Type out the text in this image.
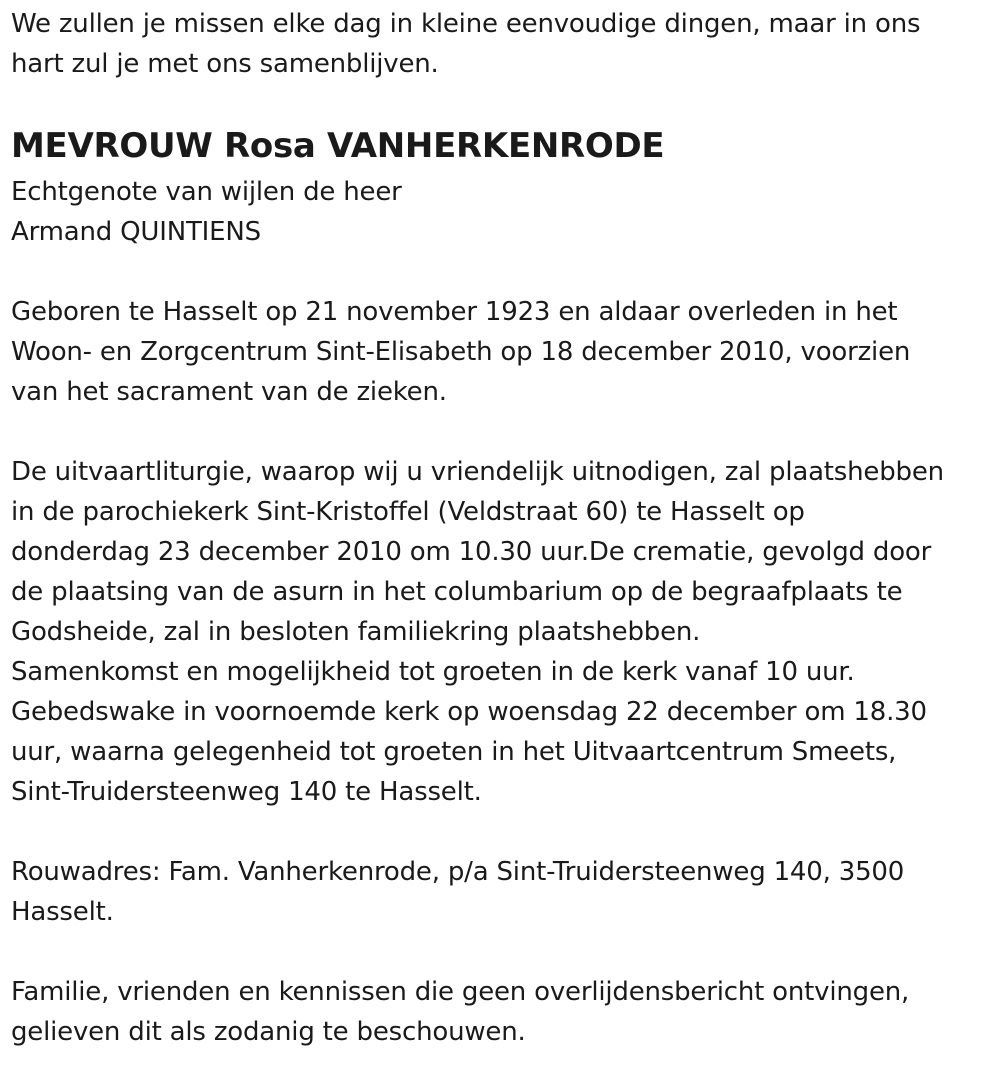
We zullen je missen elke dag in kleine eenvoudige dingen, maar in ons
hart zul je met ons samenblijven.
MEVROUW Rosa VANHERKENRODE
Echtgenote van wijlen de heer
Armand QUINTIENS
Geboren te Hasselt op 21 november 1923 en aldaar overleden in het
Woon- en Zorgcentrum Sint-Elisabeth op 18 december 2010, voorzien
van het sacrament van de zieken.
De uitvaartliturgie, waarop wij u vriendelijk uitnodigen, zal plaatshebben
in de parochiekerk Sint-Kristoffel (Veldstraat 60) te Hasselt op
donderdag 23 december 2010 om 10.30 uur.De crematie, gevolgd door
de plaatsing van de asurn in het columbarium op de begraafplaats te
Godsheide, zal in besloten familiekring plaatshebben.
Samenkomst en mogelijkheid tot groeten in de kerk vanaf 10 uur.
Gebedswake in voornoemde kerk op woensdag 22 december om 18.30
uur, waarna gelegenheid tot groeten in het Uitvaartcentrum Smeets,
Sint-Truidersteenweg 140 te Hasselt.
Rouwadres: Fam. Vanherkenrode, p/a Sint-Truidersteenweg 140, 3500
Hasselt.
Familie, vrienden en kennissen die geen overlijdensbericht ontvingen,
gelieven dit als zodanig te beschouwen.
